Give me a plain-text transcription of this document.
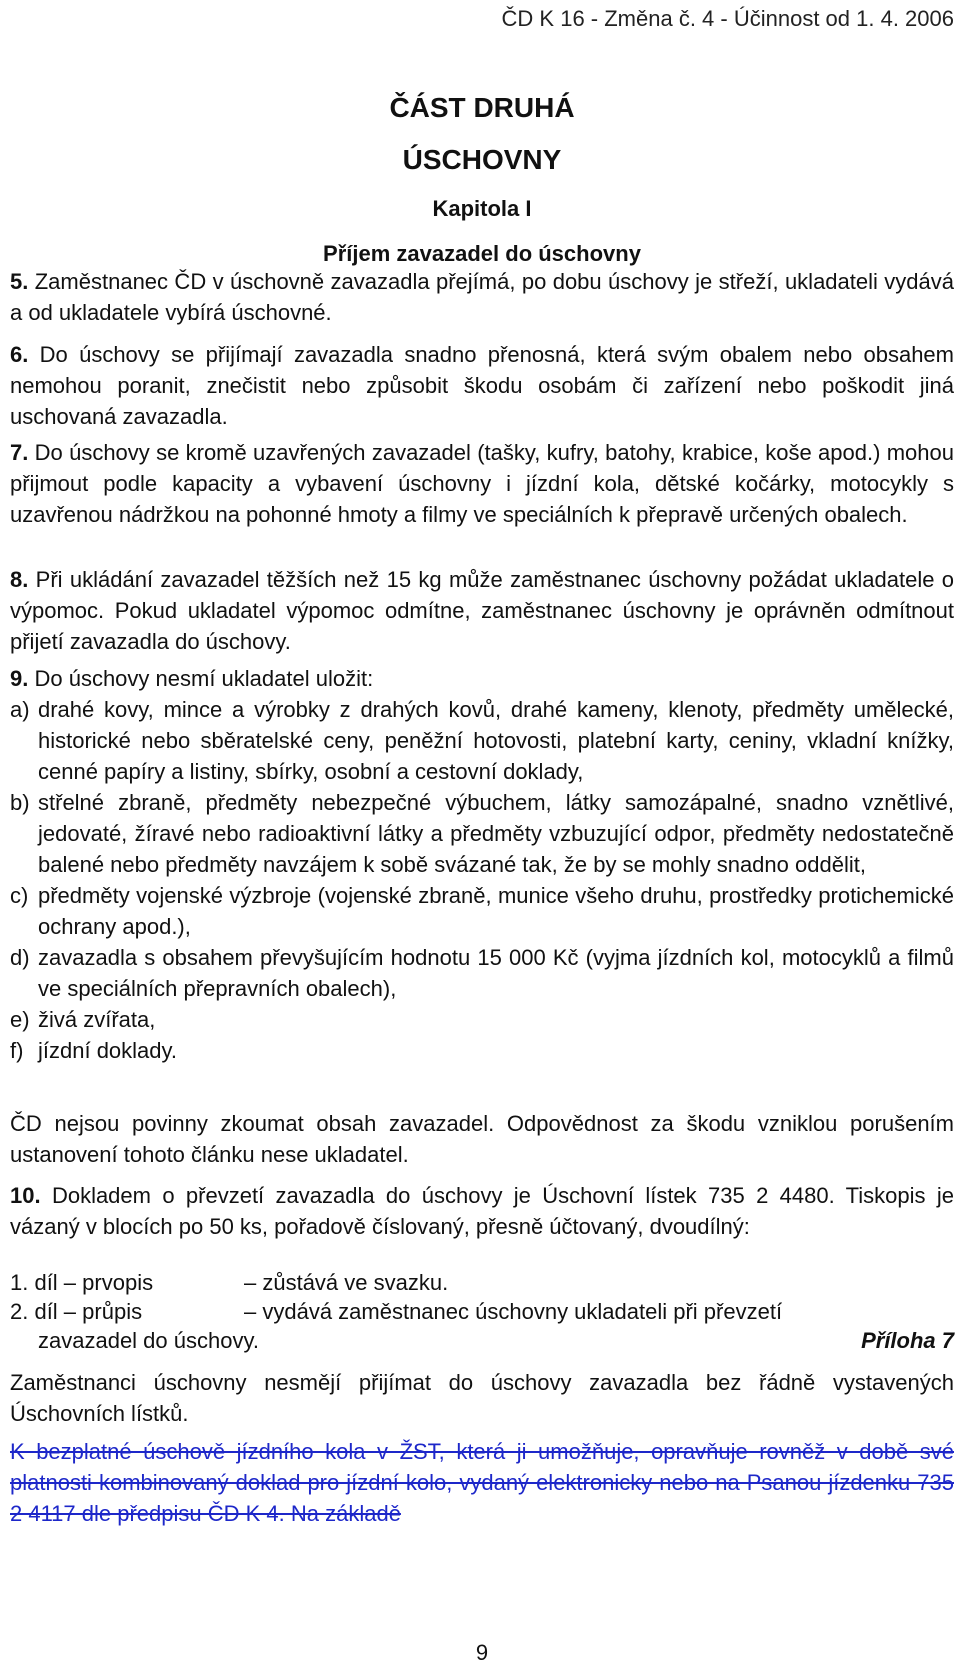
ČD K 16 - Změna č. 4 - Účinnost od 1. 4. 2006
ČÁST DRUHÁ
ÚSCHOVNY
Kapitola I
Příjem zavazadel do úschovny
5. Zaměstnanec ČD v úschovně zavazadla přejímá, po dobu úschovy je střeží, ukladateli vydává a od ukladatele vybírá úschovné.
6. Do úschovy se přijímají zavazadla snadno přenosná, která svým obalem nebo obsahem nemohou poranit, znečistit nebo způsobit škodu osobám či zařízení nebo poškodit jiná uschovaná zavazadla.
7. Do úschovy se kromě uzavřených zavazadel (tašky, kufry, batohy, krabice, koše apod.) mohou přijmout podle kapacity a vybavení úschovny i jízdní kola, dětské kočárky, motocykly s uzavřenou nádržkou na pohonné hmoty a filmy ve speciálních k přepravě určených obalech.
8. Při ukládání zavazadel těžších než 15 kg může zaměstnanec úschovny požádat ukladatele o výpomoc. Pokud ukladatel výpomoc odmítne, zaměstnanec úschovny je oprávněn odmítnout přijetí zavazadla do úschovy.
9. Do úschovy nesmí ukladatel uložit:
a) drahé kovy, mince a výrobky z drahých kovů, drahé kameny, klenoty, předměty umělecké, historické nebo sběratelské ceny, peněžní hotovosti, platební karty, ceniny, vkladní knížky, cenné papíry a listiny, sbírky, osobní a cestovní doklady,
b) střelné zbraně, předměty nebezpečné výbuchem, látky samozápalné, snadno vznětlivé, jedovaté, žíravé nebo radioaktivní látky a předměty vzbuzující odpor, předměty nedostatečně balené nebo předměty navzájem k sobě svázané tak, že by se mohly snadno oddělit,
c) předměty vojenské výzbroje (vojenské zbraně, munice všeho druhu, prostředky protichemické ochrany apod.),
d) zavazadla s obsahem převyšujícím hodnotu 15 000 Kč (vyjma jízdních kol, motocyklů a filmů ve speciálních přepravních obalech),
e) živá zvířata,
f) jízdní doklady.
ČD nejsou povinny zkoumat obsah zavazadel. Odpovědnost za škodu vzniklou porušením ustanovení tohoto článku nese ukladatel.
10. Dokladem o převzetí zavazadla do úschovy je Úschovní lístek 735 2 4480. Tiskopis je vázaný v blocích po 50 ks, pořadově číslovaný, přesně účtovaný, dvoudílný:
1. díl – prvopis	– zůstává ve svazku.
2. díl – průpis	– vydává zaměstnanec úschovny ukladateli při převzetí
zavazadel do úschovy.	Příloha 7
Zaměstnanci úschovny nesmějí přijímat do úschovy zavazadla bez řádně vystavených Úschovních lístků.
K bezplatné úschově jízdního kola v ŽST, která ji umožňuje, opravňuje rovněž v době své platnosti kombinovaný doklad pro jízdní kolo, vydaný elektronicky nebo na Psanou jízdenku 735 2 4117 dle předpisu ČD K 4. Na základě
9
